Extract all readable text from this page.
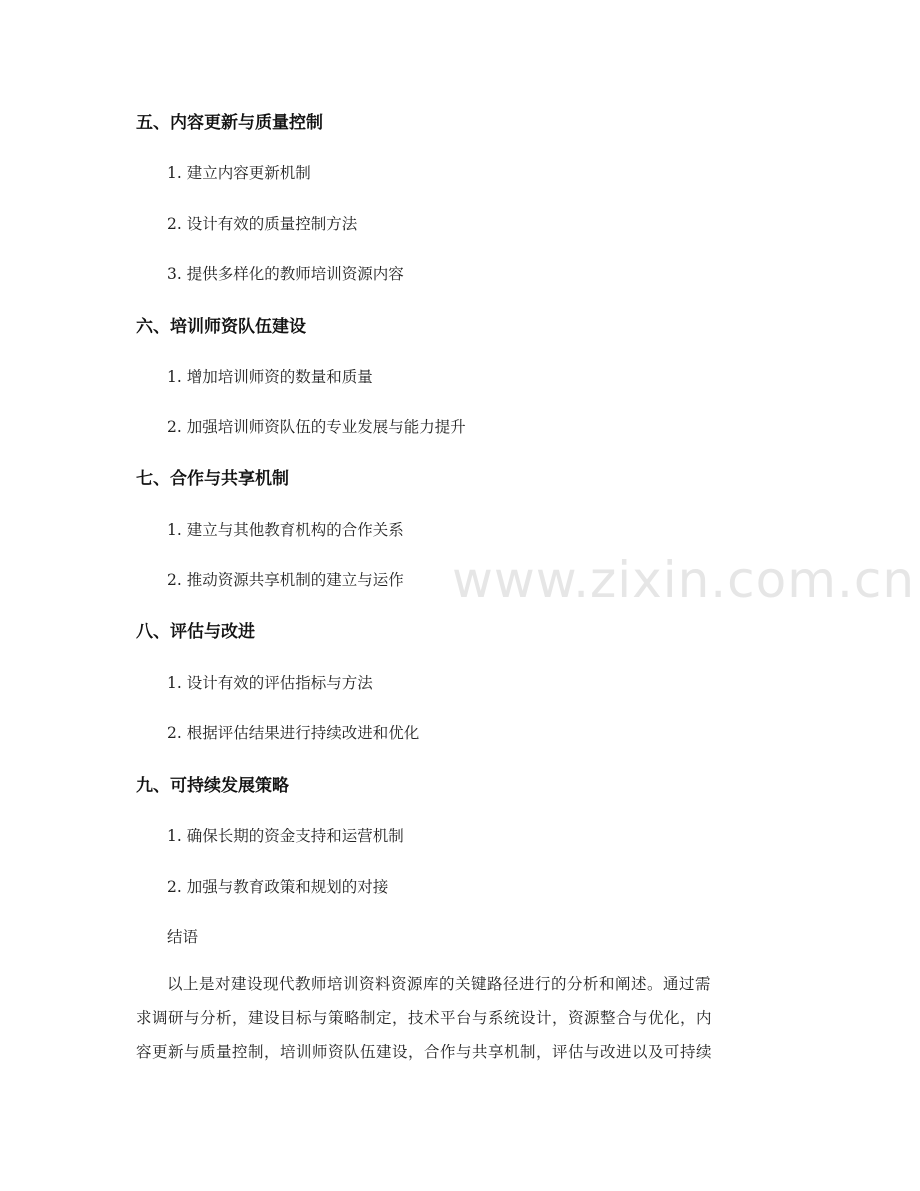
www.zixin.com.cn
五、内容更新与质量控制
1. 建立内容更新机制
2. 设计有效的质量控制方法
3. 提供多样化的教师培训资源内容
六、培训师资队伍建设
1. 增加培训师资的数量和质量
2. 加强培训师资队伍的专业发展与能力提升
七、合作与共享机制
1. 建立与其他教育机构的合作关系
2. 推动资源共享机制的建立与运作
八、评估与改进
1. 设计有效的评估指标与方法
2. 根据评估结果进行持续改进和优化
九、可持续发展策略
1. 确保长期的资金支持和运营机制
2. 加强与教育政策和规划的对接
结语
以上是对建设现代教师培训资料资源库的关键路径进行的分析和阐述。通过需
求调研与分析，建设目标与策略制定，技术平台与系统设计，资源整合与优化，内
容更新与质量控制，培训师资队伍建设，合作与共享机制，评估与改进以及可持续
